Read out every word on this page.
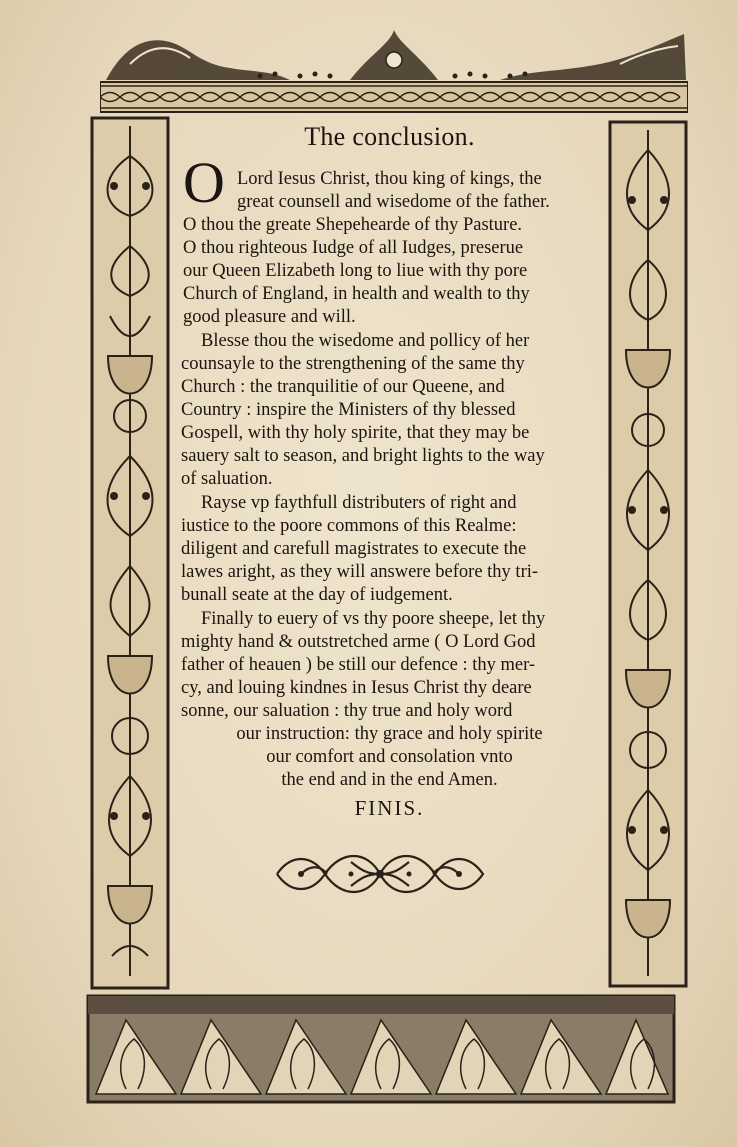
The conclusion.
O Lord Iesus Christ, thou king of kings, the
great counsell and wisedome of the father.
O thou the greate Shepehearde of thy Pasture.
O thou righteous Iudge of all Iudges, preserue
our Queen Elizabeth long to liue with thy pore
Church of England, in health and wealth to thy
good pleasure and will.
Blesse thou the wisedome and pollicy of her
counsayle to the strengthening of the same thy
Church : the tranquilitie of our Queene, and
Country : inspire the Ministers of thy blessed
Gospell, with thy holy spirite, that they may be
sauery salt to season, and bright lights to the way
of saluation.
Rayse vp faythfull distributers of right and
iustice to the poore commons of this Realme:
diligent and carefull magistrates to execute the
lawes aright, as they will answere before thy tri-
bunall seate at the day of iudgement.
Finally to euery of vs thy poore sheepe, let thy
mighty hand & outstretched arme ( O Lord God
father of heauen ) be still our defence : thy mer-
cy, and louing kindnes in Iesus Christ thy deare
sonne, our saluation : thy true and holy word
our instruction: thy grace and holy spirite
our comfort and consolation vnto
the end and in the end Amen.
FINIS.
